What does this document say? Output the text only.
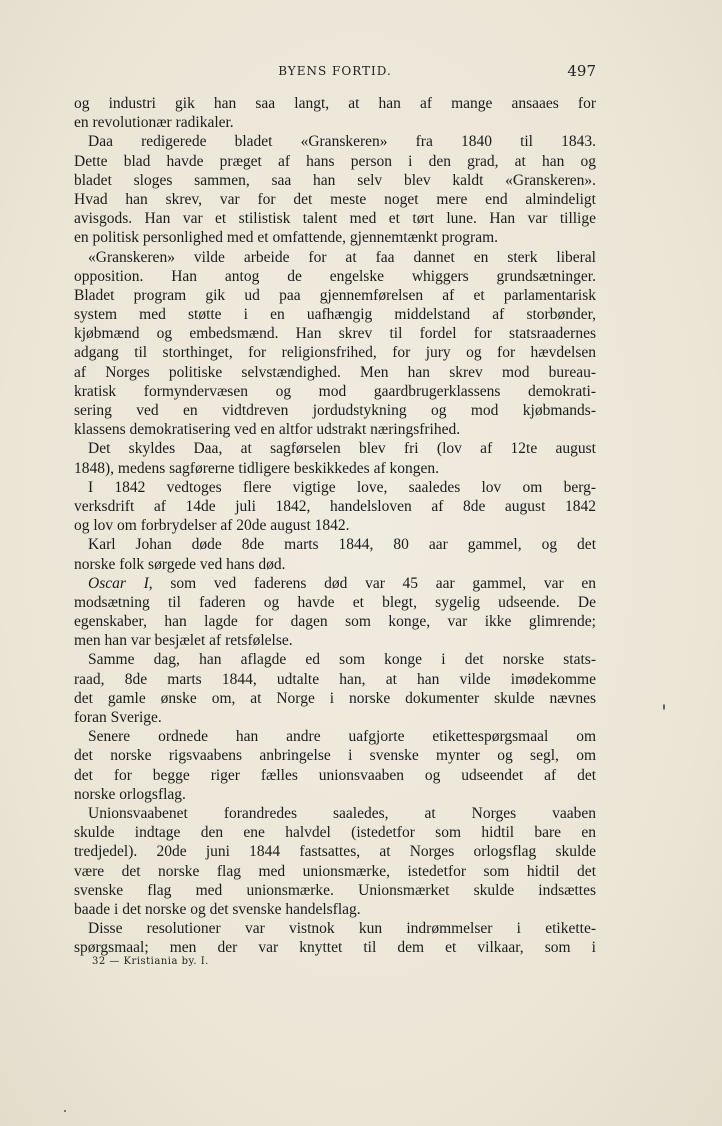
BYENS FORTID.	497
og industri gik han saa langt, at han af mange ansaaes for
en revolutionær radikaler.
Daa redigerede bladet «Granskeren» fra 1840 til 1843.
Dette blad havde præget af hans person i den grad, at han og
bladet sloges sammen, saa han selv blev kaldt «Granskeren».
Hvad han skrev, var for det meste noget mere end almindeligt
avisgods. Han var et stilistisk talent med et tørt lune. Han var tillige
en politisk personlighed med et omfattende, gjennemtænkt program.
«Granskeren» vilde arbeide for at faa dannet en sterk liberal
opposition. Han antog de engelske whiggers grundsætninger.
Bladet program gik ud paa gjennemførelsen af et parlamentarisk
system med støtte i en uafhængig middelstand af storbønder,
kjøbmænd og embedsmænd. Han skrev til fordel for statsraadernes
adgang til storthinget, for religionsfrihed, for jury og for hævdelsen
af Norges politiske selvstændighed. Men han skrev mod bureau-
kratisk formyndervæsen og mod gaardbrugerklassens demokrati-
sering ved en vidtdreven jordudstykning og mod kjøbmands-
klassens demokratisering ved en altfor udstrakt næringsfrihed.
Det skyldes Daa, at sagførselen blev fri (lov af 12te august
1848), medens sagførerne tidligere beskikkedes af kongen.
I 1842 vedtoges flere vigtige love, saaledes lov om berg-
verksdrift af 14de juli 1842, handelsloven af 8de august 1842
og lov om forbrydelser af 20de august 1842.
Karl Johan døde 8de marts 1844, 80 aar gammel, og det
norske folk sørgede ved hans død.
Oscar I, som ved faderens død var 45 aar gammel, var en
modsætning til faderen og havde et blegt, sygelig udseende. De
egenskaber, han lagde for dagen som konge, var ikke glimrende;
men han var besjælet af retsfølelse.
Samme dag, han aflagde ed som konge i det norske stats-
raad, 8de marts 1844, udtalte han, at han vilde imødekomme
det gamle ønske om, at Norge i norske dokumenter skulde nævnes
foran Sverige.
Senere ordnede han andre uafgjorte etikettespørgsmaal om
det norske rigsvaabens anbringelse i svenske mynter og segl, om
det for begge riger fælles unionsvaaben og udseendet af det
norske orlogsflag.
Unionsvaabenet forandredes saaledes, at Norges vaaben
skulde indtage den ene halvdel (istedetfor som hidtil bare en
tredjedel). 20de juni 1844 fastsattes, at Norges orlogsflag skulde
være det norske flag med unionsmærke, istedetfor som hidtil det
svenske flag med unionsmærke. Unionsmærket skulde indsættes
baade i det norske og det svenske handelsflag.
Disse resolutioner var vistnok kun indrømmelser i etikette-
spørgsmaal; men der var knyttet til dem et vilkaar, som i
32 — Kristiania by. I.
